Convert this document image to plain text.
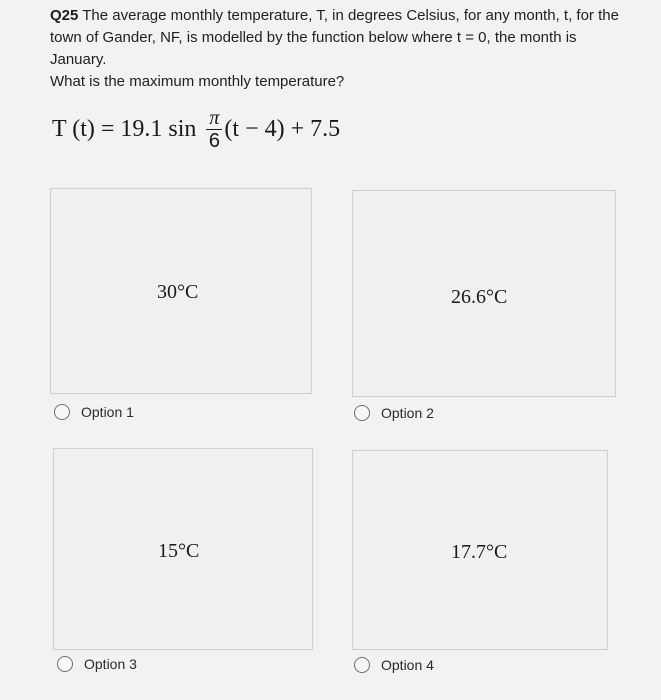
Q25 The average monthly temperature, T, in degrees Celsius, for any month, t, for the town of Gander, NF, is modelled by the function below where t = 0, the month is January.
What is the maximum monthly temperature?
T (t) = 19.1 $\sin \frac{\pi}{6} (t - 4) + 7.5$
30°C
Option 1
26.6°C
Option 2
15°C
Option 3
17.7°C
Option 4
